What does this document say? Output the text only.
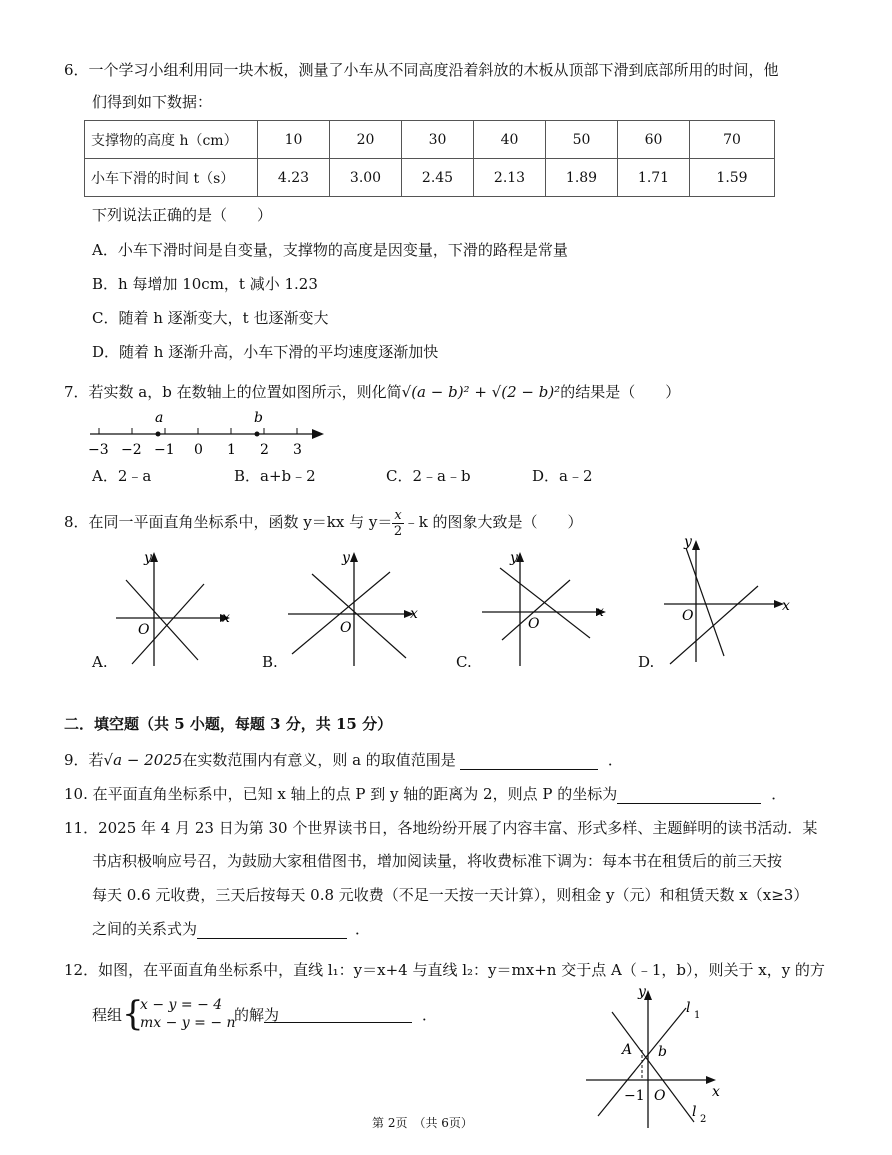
6．一个学习小组利用同一块木板，测量了小车从不同高度沿着斜放的木板从顶部下滑到底部所用的时间，他
们得到如下数据：
支撑物的高度 h（cm）	10	20	30	40	50	60	70
小车下滑的时间 t（s）	4.23	3.00	2.45	2.13	1.89	1.71	1.59
下列说法正确的是（　　）
A．小车下滑时间是自变量，支撑物的高度是因变量，下滑的路程是常量
B．h 每增加 10cm，t 减小 1.23
C．随着 h 逐渐变大，t 也逐渐变大
D．随着 h 逐渐升高，小车下滑的平均速度逐渐加快
7．若实数 a，b 在数轴上的位置如图所示，则化简√(a − b)² + √(2 − b)²的结果是（　　）
a	b
−3 −2 −1 0 1 2 3
A．2﹣a	B．a+b﹣2	C．2﹣a﹣b	D．a﹣2
8．在同一平面直角坐标系中，函数 y＝kx 与 $y= \frac{x}{2}$ ﹣k 的图象大致是（　　）
y
x
O
A.
y
x
O
B.
y
x
O
C.
y
x
O
D.
二．填空题（共 5 小题，每题 3 分，共 15 分）
9．若√a − 2025在实数范围内有意义，则 a 的取值范围是	．
10. 在平面直角坐标系中，已知 x 轴上的点 P 到 y 轴的距离为 2，则点 P 的坐标为	．
11．2025 年 4 月 23 日为第 30 个世界读书日，各地纷纷开展了内容丰富、形式多样、主题鲜明的读书活动．某
书店积极响应号召，为鼓励大家租借图书，增加阅读量，将收费标准下调为：每本书在租赁后的前三天按
每天 0.6 元收费，三天后按每天 0.8 元收费（不足一天按一天计算），则租金 y（元）和租赁天数 x（x≥3）
之间的关系式为	．
12．如图，在平面直角坐标系中，直线 l₁：y＝x+4 与直线 l₂：y＝mx+n 交于点 A（﹣1，b），则关于 x，y 的方
程组 {
x − y = − 4
mx − y = − n
的解为	．
y
x
l 1
l 2
A b
−1 O
第 2页　（共 6页）
